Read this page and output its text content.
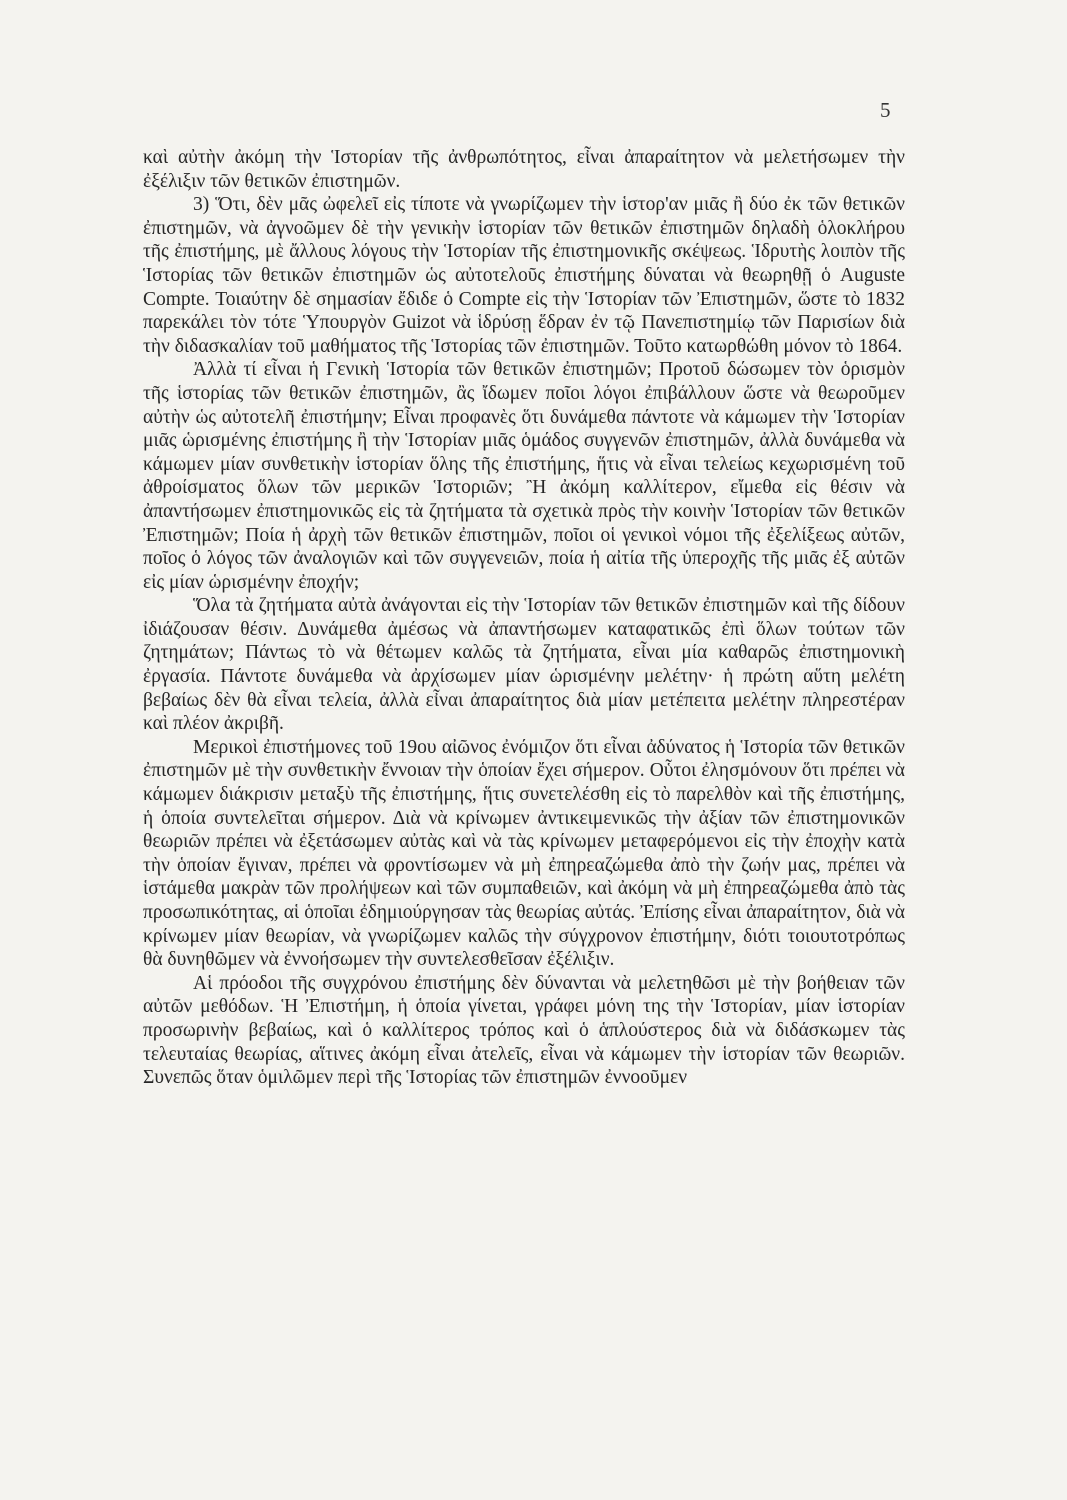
5

καὶ αὐτὴν ἀκόμη τὴν Ἱστορίαν τῆς ἀνθρωπότητος, εἶναι ἀπαραίτητον νὰ μελετήσωμεν τὴν ἐξέλιξιν τῶν θετικῶν ἐπιστημῶν.

3) Ὅτι, δὲν μᾶς ὠφελεῖ εἰς τίποτε νὰ γνωρίζωμεν τὴν ἱστορ'αν μιᾶς ἢ δύο ἐκ τῶν θετικῶν ἐπιστημῶν, νὰ ἀγνοῶμεν δὲ τὴν γενικὴν ἱστορίαν τῶν θετικῶν ἐπιστημῶν δηλαδὴ ὁλοκλήρου τῆς ἐπιστήμης, μὲ ἄλλους λόγους τὴν Ἱστορίαν τῆς ἐπιστημονικῆς σκέψεως. Ἱδρυτὴς λοιπὸν τῆς Ἱστορίας τῶν θετικῶν ἐπιστημῶν ὡς αὐτοτελοῦς ἐπιστήμης δύναται νὰ θεωρηθῇ ὁ Auguste Compte. Τοιαύτην δὲ σημασίαν ἔδιδε ὁ Compte εἰς τὴν Ἱστορίαν τῶν Ἐπιστημῶν, ὥστε τὸ 1832 παρεκάλει τὸν τότε Ὑπουργὸν Guizot νὰ ἱδρύσῃ ἕδραν ἐν τῷ Πανεπιστημίῳ τῶν Παρισίων διὰ τὴν διδασκαλίαν τοῦ μαθήματος τῆς Ἱστορίας τῶν ἐπιστημῶν. Τοῦτο κατωρθώθη μόνον τὸ 1864.

Ἀλλὰ τί εἶναι ἡ Γενικὴ Ἱστορία τῶν θετικῶν ἐπιστημῶν; Προτοῦ δώσωμεν τὸν ὁρισμὸν τῆς ἱστορίας τῶν θετικῶν ἐπιστημῶν, ἂς ἴδωμεν ποῖοι λόγοι ἐπιβάλλουν ὥστε νὰ θεωροῦμεν αὐτὴν ὡς αὐτοτελῆ ἐπιστήμην; Εἶναι προφανὲς ὅτι δυνάμεθα πάντοτε νὰ κάμωμεν τὴν Ἱστορίαν μιᾶς ὡρισμένης ἐπιστήμης ἢ τὴν Ἱστορίαν μιᾶς ὁμάδος συγγενῶν ἐπιστημῶν, ἀλλὰ δυνάμεθα νὰ κάμωμεν μίαν συνθετικὴν ἱστορίαν ὅλης τῆς ἐπιστήμης, ἥτις νὰ εἶναι τελείως κεχωρισμένη τοῦ ἀθροίσματος ὅλων τῶν μερικῶν Ἱστοριῶν; Ἢ ἀκόμη καλλίτερον, εἴμεθα εἰς θέσιν νὰ ἀπαντήσωμεν ἐπιστημονικῶς εἰς τὰ ζητήματα τὰ σχετικὰ πρὸς τὴν κοινὴν Ἱστορίαν τῶν θετικῶν Ἐπιστημῶν; Ποία ἡ ἀρχὴ τῶν θετικῶν ἐπιστημῶν, ποῖοι οἱ γενικοὶ νόμοι τῆς ἐξελίξεως αὐτῶν, ποῖος ὁ λόγος τῶν ἀναλογιῶν καὶ τῶν συγγενειῶν, ποία ἡ αἰτία τῆς ὑπεροχῆς τῆς μιᾶς ἐξ αὐτῶν εἰς μίαν ὡρισμένην ἐποχήν;

Ὅλα τὰ ζητήματα αὐτὰ ἀνάγονται εἰς τὴν Ἱστορίαν τῶν θετικῶν ἐπιστημῶν καὶ τῆς δίδουν ἰδιάζουσαν θέσιν. Δυνάμεθα ἀμέσως νὰ ἀπαντήσωμεν καταφατικῶς ἐπὶ ὅλων τούτων τῶν ζητημάτων; Πάντως τὸ νὰ θέτωμεν καλῶς τὰ ζητήματα, εἶναι μία καθαρῶς ἐπιστημονικὴ ἐργασία. Πάντοτε δυνάμεθα νὰ ἀρχίσωμεν μίαν ὡρισμένην μελέτην· ἡ πρώτη αὕτη μελέτη βεβαίως δὲν θὰ εἶναι τελεία, ἀλλὰ εἶναι ἀπαραίτητος διὰ μίαν μετέπειτα μελέτην πληρεστέραν καὶ πλέον ἀκριβῆ.

Μερικοὶ ἐπιστήμονες τοῦ 19ου αἰῶνος ἐνόμιζον ὅτι εἶναι ἀδύνατος ἡ Ἱστορία τῶν θετικῶν ἐπιστημῶν μὲ τὴν συνθετικὴν ἔννοιαν τὴν ὁποίαν ἔχει σήμερον. Οὗτοι ἐλησμόνουν ὅτι πρέπει νὰ κάμωμεν διάκρισιν μεταξὺ τῆς ἐπιστήμης, ἥτις συνετελέσθη εἰς τὸ παρελθὸν καὶ τῆς ἐπιστήμης, ἡ ὁποία συντελεῖται σήμερον. Διὰ νὰ κρίνωμεν ἀντικειμενικῶς τὴν ἀξίαν τῶν ἐπιστημονικῶν θεωριῶν πρέπει νὰ ἐξετάσωμεν αὐτὰς καὶ νὰ τὰς κρίνωμεν μεταφερόμενοι εἰς τὴν ἐποχὴν κατὰ τὴν ὁποίαν ἔγιναν, πρέπει νὰ φροντίσωμεν νὰ μὴ ἐπηρεαζώμεθα ἀπὸ τὴν ζωήν μας, πρέπει νὰ ἱστάμεθα μακρὰν τῶν προλήψεων καὶ τῶν συμπαθειῶν, καὶ ἀκόμη νὰ μὴ ἐπηρεαζώμεθα ἀπὸ τὰς προσωπικότητας, αἱ ὁποῖαι ἐδημιούργησαν τὰς θεωρίας αὐτάς. Ἐπίσης εἶναι ἀπαραίτητον, διὰ νὰ κρίνωμεν μίαν θεωρίαν, νὰ γνωρίζωμεν καλῶς τὴν σύγχρονον ἐπιστήμην, διότι τοιουτοτρόπως θὰ δυνηθῶμεν νὰ ἐννοήσωμεν τὴν συντελεσθεῖσαν ἐξέλιξιν.

Αἱ πρόοδοι τῆς συγχρόνου ἐπιστήμης δὲν δύνανται νὰ μελετηθῶσι μὲ τὴν βοήθειαν τῶν αὐτῶν μεθόδων. Ἡ Ἐπιστήμη, ἡ ὁποία γίνεται, γράφει μόνη της τὴν Ἱστορίαν, μίαν ἱστορίαν προσωρινὴν βεβαίως, καὶ ὁ καλλίτερος τρόπος καὶ ὁ ἁπλούστερος διὰ νὰ διδάσκωμεν τὰς τελευταίας θεωρίας, αἵτινες ἀκόμη εἶναι ἀτελεῖς, εἶναι νὰ κάμωμεν τὴν ἱστορίαν τῶν θεωριῶν. Συνεπῶς ὅταν ὁμιλῶμεν περὶ τῆς Ἱστορίας τῶν ἐπιστημῶν ἐννοοῦμεν
